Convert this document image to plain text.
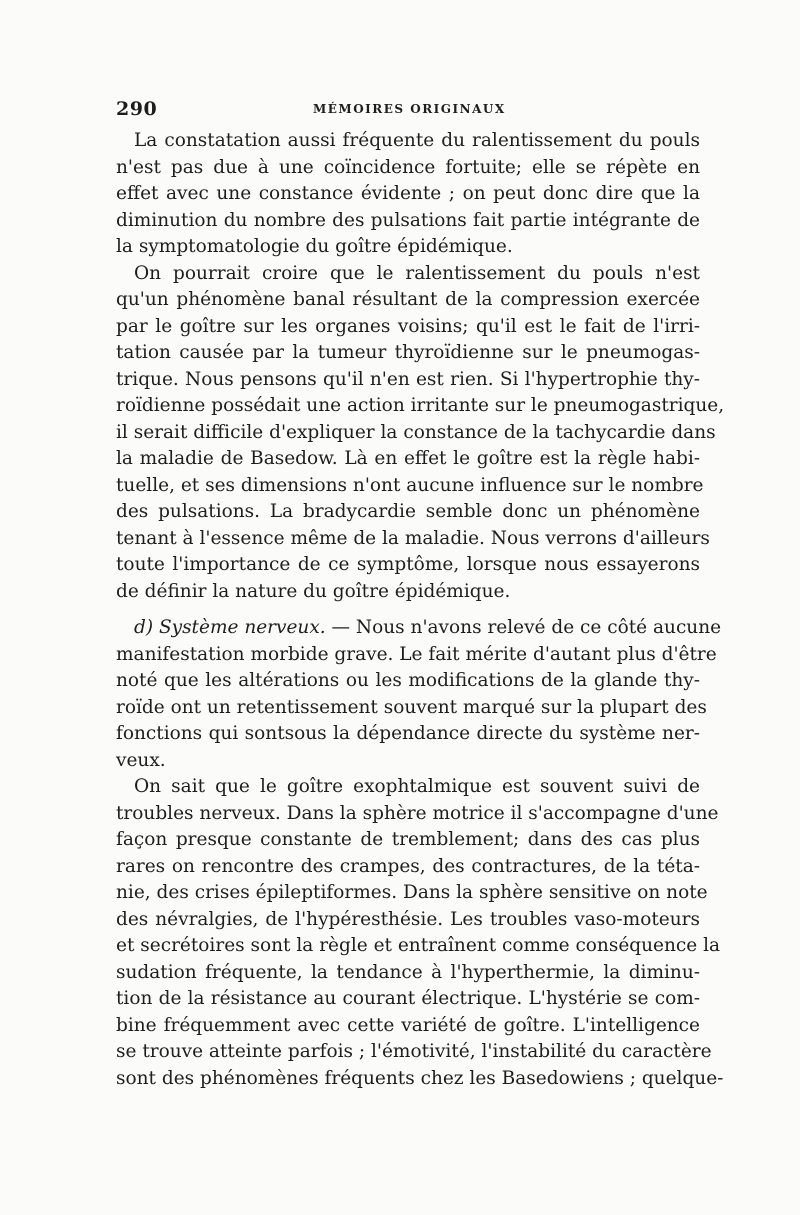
290	MÉMOIRES ORIGINAUX
La constatation aussi fréquente du ralentissement du pouls
n'est pas due à une coïncidence fortuite; elle se répète en
effet avec une constance évidente ; on peut donc dire que la
diminution du nombre des pulsations fait partie intégrante de
la symptomatologie du goître épidémique.
On pourrait croire que le ralentissement du pouls n'est
qu'un phénomène banal résultant de la compression exercée
par le goître sur les organes voisins; qu'il est le fait de l'irri-
tation causée par la tumeur thyroïdienne sur le pneumogas-
trique. Nous pensons qu'il n'en est rien. Si l'hypertrophie thy-
roïdienne possédait une action irritante sur le pneumogastrique,
il serait difficile d'expliquer la constance de la tachycardie dans
la maladie de Basedow. Là en effet le goître est la règle habi-
tuelle, et ses dimensions n'ont aucune influence sur le nombre
des pulsations. La bradycardie semble donc un phénomène
tenant à l'essence même de la maladie. Nous verrons d'ailleurs
toute l'importance de ce symptôme, lorsque nous essayerons
de définir la nature du goître épidémique.
d) Système nerveux. — Nous n'avons relevé de ce côté aucune
manifestation morbide grave. Le fait mérite d'autant plus d'être
noté que les altérations ou les modifications de la glande thy-
roïde ont un retentissement souvent marqué sur la plupart des
fonctions qui sontsous la dépendance directe du système ner-
veux.
On sait que le goître exophtalmique est souvent suivi de
troubles nerveux. Dans la sphère motrice il s'accompagne d'une
façon presque constante de tremblement; dans des cas plus
rares on rencontre des crampes, des contractures, de la téta-
nie, des crises épileptiformes. Dans la sphère sensitive on note
des névralgies, de l'hypéresthésie. Les troubles vaso-moteurs
et secrétoires sont la règle et entraînent comme conséquence la
sudation fréquente, la tendance à l'hyperthermie, la diminu-
tion de la résistance au courant électrique. L'hystérie se com-
bine fréquemment avec cette variété de goître. L'intelligence
se trouve atteinte parfois ; l'émotivité, l'instabilité du caractère
sont des phénomènes fréquents chez les Basedowiens ; quelque-
